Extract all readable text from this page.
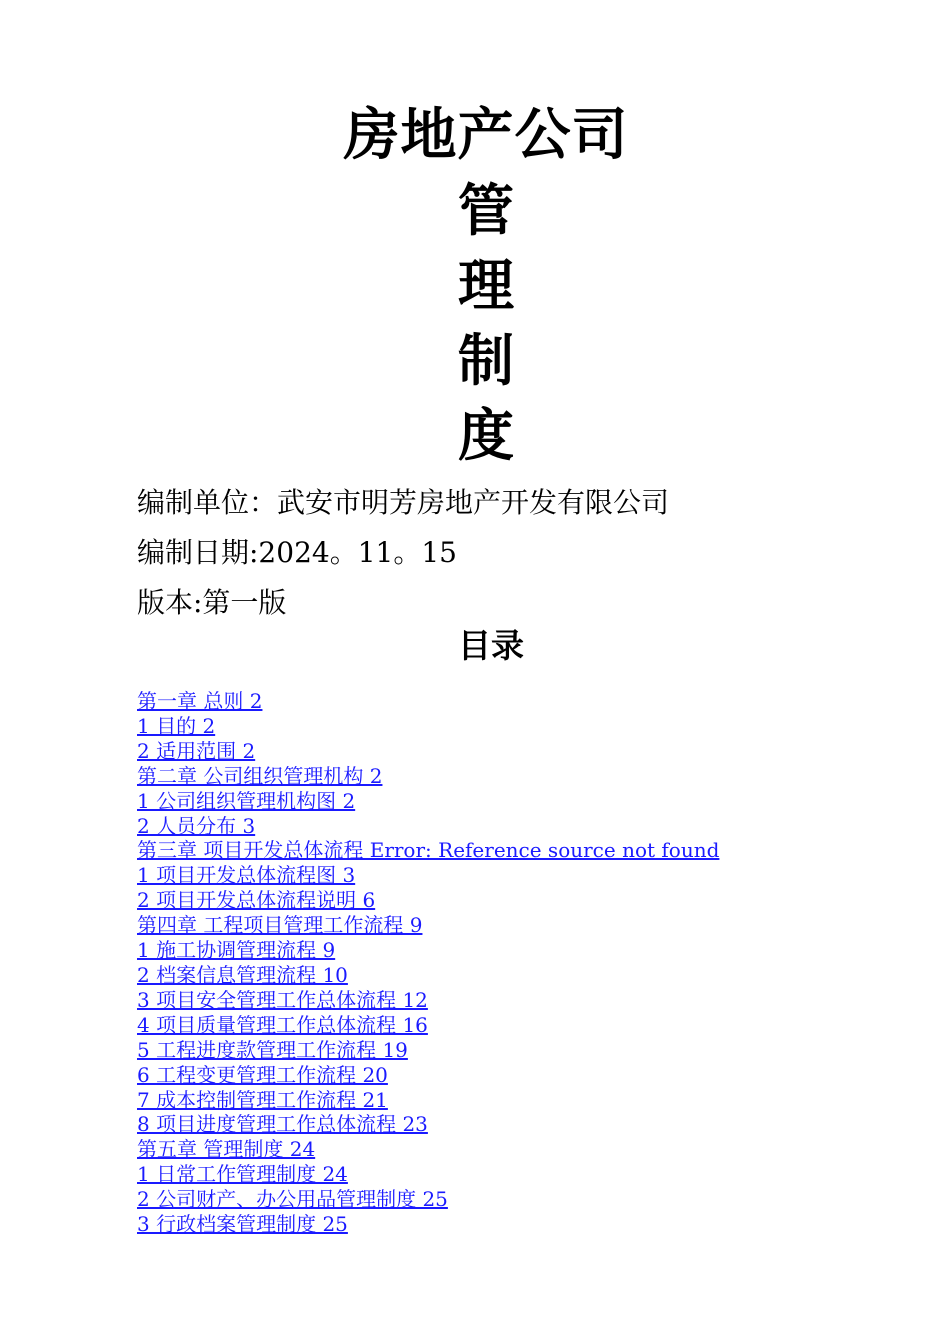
房地产公司
管
理
制
度
编制单位：武安市明芳房地产开发有限公司
编制日期:2024。11。15
版本:第一版
目录
第一章 总则 2
1 目的 2
2 适用范围 2
第二章 公司组织管理机构 2
1 公司组织管理机构图 2
2 人员分布 3
第三章 项目开发总体流程 Error: Reference source not found
1 项目开发总体流程图 3
2 项目开发总体流程说明 6
第四章 工程项目管理工作流程 9
1 施工协调管理流程 9
2 档案信息管理流程 10
3 项目安全管理工作总体流程 12
4 项目质量管理工作总体流程 16
5 工程进度款管理工作流程 19
6 工程变更管理工作流程 20
7 成本控制管理工作流程 21
8 项目进度管理工作总体流程 23
第五章 管理制度 24
1 日常工作管理制度 24
2 公司财产、办公用品管理制度 25
3 行政档案管理制度 25
